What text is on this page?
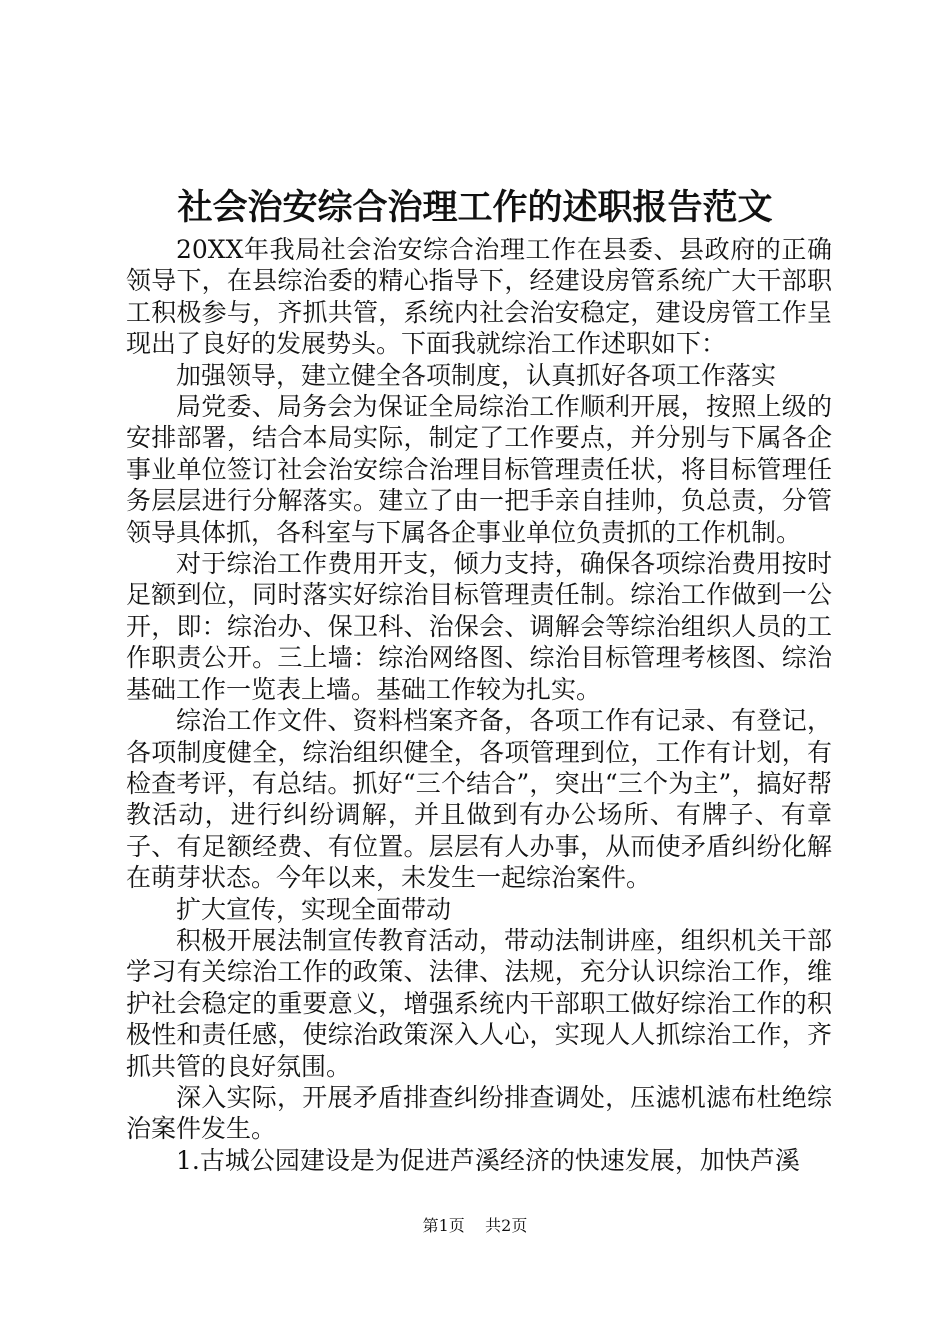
社会治安综合治理工作的述职报告范文

20XX年我局社会治安综合治理工作在县委、县政府的正确领导下，在县综治委的精心指导下，经建设房管系统广大干部职工积极参与，齐抓共管，系统内社会治安稳定，建设房管工作呈现出了良好的发展势头。下面我就综治工作述职如下：

加强领导，建立健全各项制度，认真抓好各项工作落实

局党委、局务会为保证全局综治工作顺利开展，按照上级的安排部署，结合本局实际，制定了工作要点，并分别与下属各企事业单位签订社会治安综合治理目标管理责任状，将目标管理任务层层进行分解落实。建立了由一把手亲自挂帅，负总责，分管领导具体抓，各科室与下属各企事业单位负责抓的工作机制。

对于综治工作费用开支，倾力支持，确保各项综治费用按时足额到位，同时落实好综治目标管理责任制。综治工作做到一公开，即：综治办、保卫科、治保会、调解会等综治组织人员的工作职责公开。三上墙：综治网络图、综治目标管理考核图、综治基础工作一览表上墙。基础工作较为扎实。

综治工作文件、资料档案齐备，各项工作有记录、有登记，各项制度健全，综治组织健全，各项管理到位，工作有计划，有检查考评，有总结。抓好“三个结合”，突出“三个为主”，搞好帮教活动，进行纠纷调解，并且做到有办公场所、有牌子、有章子、有足额经费、有位置。层层有人办事，从而使矛盾纠纷化解在萌芽状态。今年以来，未发生一起综治案件。

扩大宣传，实现全面带动

积极开展法制宣传教育活动，带动法制讲座，组织机关干部学习有关综治工作的政策、法律、法规，充分认识综治工作，维护社会稳定的重要意义，增强系统内干部职工做好综治工作的积极性和责任感，使综治政策深入人心，实现人人抓综治工作，齐抓共管的良好氛围。

深入实际，开展矛盾排查纠纷排查调处，压滤机滤布杜绝综治案件发生。

1.古城公园建设是为促进芦溪经济的快速发展，加快芦溪

第1页 共2页
